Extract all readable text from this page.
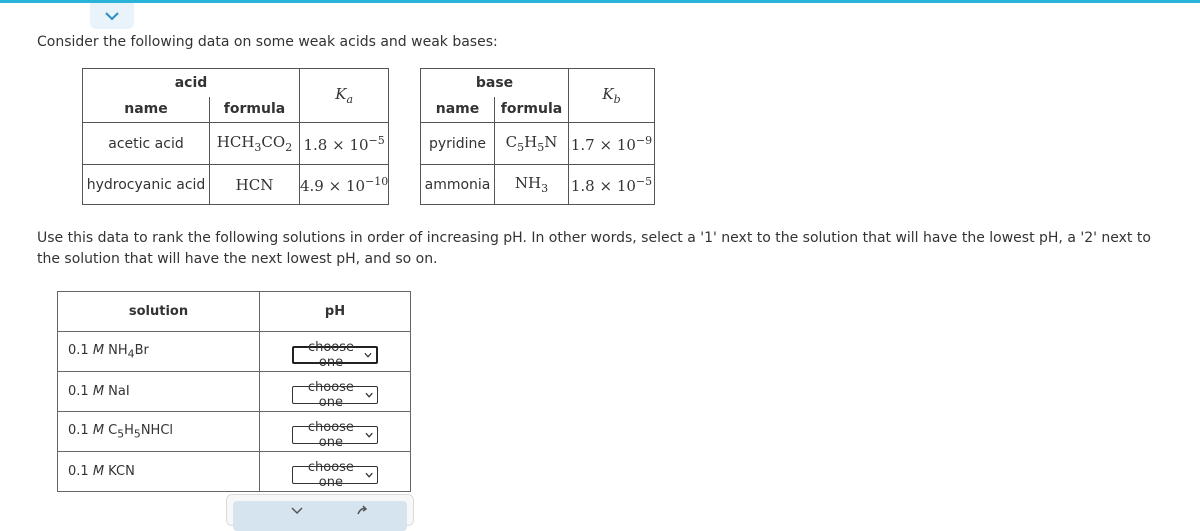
Consider the following data on some weak acids and weak bases:

acid		$K_a$
name	formula	
acetic acid	$HCH_3CO_2$	$1.8 \times 10^{-5}$
hydrocyanic acid	HCN	$4.9 \times 10^{-10}$
base		$K_b$
name	formula	
pyridine	$C_5H_5N$	$1.7 \times 10^{-9}$
ammonia	$NH_3$	$1.8 \times 10^{-5}$

Use this data to rank the following solutions in order of increasing pH. In other words, select a '1' next to the solution that will have the lowest pH, a '2' next to the solution that will have the next lowest pH, and so on.

solution	pH
0.1 M $NH_4Br$	choose one

0.1 M NaI	choose one

0.1 M $C_5H_5NHCl$	choose one

0.1 M KCN	choose one
